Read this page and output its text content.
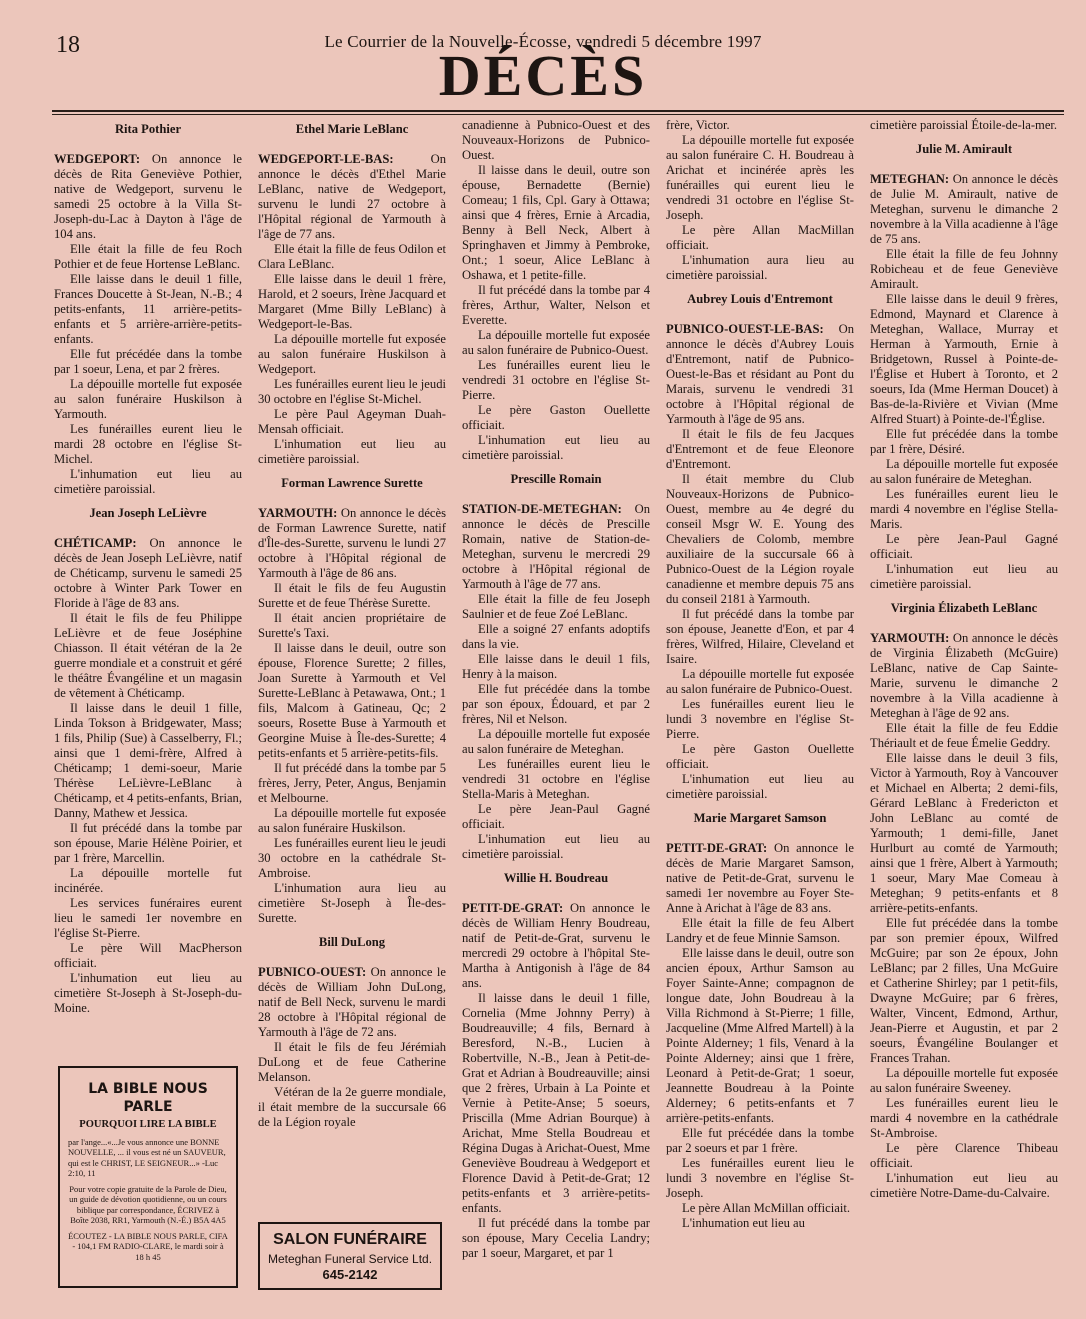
18	Le Courrier de la Nouvelle-Écosse, vendredi 5 décembre 1997
DÉCÈS
Rita Pothier

WEDGEPORT: On annonce le décès de Rita Geneviève Pothier, native de Wedgeport, survenu le samedi 25 octobre à la Villa St-Joseph-du-Lac à Dayton à l'âge de 104 ans.

Elle était la fille de feu Roch Pothier et de feue Hortense LeBlanc.

Elle laisse dans le deuil 1 fille, Frances Doucette à St-Jean, N.-B.; 4 petits-enfants, 11 arrière-petits-enfants et 5 arrière-arrière-petits-enfants.

Elle fut précédée dans la tombe par 1 soeur, Lena, et par 2 frères.

La dépouille mortelle fut exposée au salon funéraire Huskilson à Yarmouth.

Les funérailles eurent lieu le mardi 28 octobre en l'église St-Michel.

L'inhumation eut lieu au cimetière paroissial.

Jean Joseph LeLièvre

CHÉTICAMP: On annonce le décès de Jean Joseph LeLièvre, natif de Chéticamp, survenu le samedi 25 octobre à Winter Park Tower en Floride à l'âge de 83 ans.

Il était le fils de feu Philippe LeLièvre et de feue Joséphine Chiasson. Il était vétéran de la 2e guerre mondiale et a construit et géré le théâtre Évangéline et un magasin de vêtement à Chéticamp.

Il laisse dans le deuil 1 fille, Linda Tokson à Bridgewater, Mass; 1 fils, Philip (Sue) à Casselberry, Fl.; ainsi que 1 demi-frère, Alfred à Chéticamp; 1 demi-soeur, Marie Thérèse LeLièvre-LeBlanc à Chéticamp, et 4 petits-enfants, Brian, Danny, Mathew et Jessica.

Il fut précédé dans la tombe par son épouse, Marie Hélène Poirier, et par 1 frère, Marcellin.

La dépouille mortelle fut incinérée.

Les services funéraires eurent lieu le samedi 1er novembre en l'église St-Pierre.

Le père Will MacPherson officiait.

L'inhumation eut lieu au cimetière St-Joseph à St-Joseph-du-Moine.

Ethel Marie LeBlanc

WEDGEPORT-LE-BAS: On annonce le décès d'Ethel Marie LeBlanc, native de Wedgeport, survenu le lundi 27 octobre à l'Hôpital régional de Yarmouth à l'âge de 77 ans.

Elle était la fille de feus Odilon et Clara LeBlanc.

Elle laisse dans le deuil 1 frère, Harold, et 2 soeurs, Irène Jacquard et Margaret (Mme Billy LeBlanc) à Wedgeport-le-Bas.

La dépouille mortelle fut exposée au salon funéraire Huskilson à Wedgeport.

Les funérailles eurent lieu le jeudi 30 octobre en l'église St-Michel.

Le père Paul Ageyman Duah-Mensah officiait.

L'inhumation eut lieu au cimetière paroissial.

Forman Lawrence Surette

YARMOUTH: On annonce le décès de Forman Lawrence Surette, natif d'Île-des-Surette, survenu le lundi 27 octobre à l'Hôpital régional de Yarmouth à l'âge de 86 ans.

Il était le fils de feu Augustin Surette et de feue Thérèse Surette.

Il était ancien propriétaire de Surette's Taxi.

Il laisse dans le deuil, outre son épouse, Florence Surette; 2 filles, Joan Surette à Yarmouth et Vel Surette-LeBlanc à Petawawa, Ont.; 1 fils, Malcom à Gatineau, Qc; 2 soeurs, Rosette Buse à Yarmouth et Georgine Muise à Île-des-Surette; 4 petits-enfants et 5 arrière-petits-fils.

Il fut précédé dans la tombe par 5 frères, Jerry, Peter, Angus, Benjamin et Melbourne.

La dépouille mortelle fut exposée au salon funéraire Huskilson.

Les funérailles eurent lieu le jeudi 30 octobre en la cathédrale St-Ambroise.

L'inhumation aura lieu au cimetière St-Joseph à Île-des-Surette.

Bill DuLong

PUBNICO-OUEST: On annonce le décès de William John DuLong, natif de Bell Neck, survenu le mardi 28 octobre à l'Hôpital régional de Yarmouth à l'âge de 72 ans.

Il était le fils de feu Jérémiah DuLong et de feue Catherine Melanson.

Vétéran de la 2e guerre mondiale, il était membre de la succursale 66 de la Légion royale

canadienne à Pubnico-Ouest et des Nouveaux-Horizons de Pubnico-Ouest.

Il laisse dans le deuil, outre son épouse, Bernadette (Bernie) Comeau; 1 fils, Cpl. Gary à Ottawa; ainsi que 4 frères, Ernie à Arcadia, Benny à Bell Neck, Albert à Springhaven et Jimmy à Pembroke, Ont.; 1 soeur, Alice LeBlanc à Oshawa, et 1 petite-fille.

Il fut précédé dans la tombe par 4 frères, Arthur, Walter, Nelson et Everette.

La dépouille mortelle fut exposée au salon funéraire de Pubnico-Ouest.

Les funérailles eurent lieu le vendredi 31 octobre en l'église St-Pierre.

Le père Gaston Ouellette officiait.

L'inhumation eut lieu au cimetière paroissial.

Prescille Romain

STATION-DE-METEGHAN: On annonce le décès de Prescille Romain, native de Station-de-Meteghan, survenu le mercredi 29 octobre à l'Hôpital régional de Yarmouth à l'âge de 77 ans.

Elle était la fille de feu Joseph Saulnier et de feue Zoé LeBlanc.

Elle a soigné 27 enfants adoptifs dans la vie.

Elle laisse dans le deuil 1 fils, Henry à la maison.

Elle fut précédée dans la tombe par son époux, Édouard, et par 2 frères, Nil et Nelson.

La dépouille mortelle fut exposée au salon funéraire de Meteghan.

Les funérailles eurent lieu le vendredi 31 octobre en l'église Stella-Maris à Meteghan.

Le père Jean-Paul Gagné officiait.

L'inhumation eut lieu au cimetière paroissial.

Willie H. Boudreau

PETIT-DE-GRAT: On annonce le décès de William Henry Boudreau, natif de Petit-de-Grat, survenu le mercredi 29 octobre à l'hôpital Ste-Martha à Antigonish à l'âge de 84 ans.

Il laisse dans le deuil 1 fille, Cornelia (Mme Johnny Perry) à Boudreauville; 4 fils, Bernard à Beresford, N.-B., Lucien à Robertville, N.-B., Jean à Petit-de-Grat et Adrian à Boudreauville; ainsi que 2 frères, Urbain à La Pointe et Vernie à Petite-Anse; 5 soeurs, Priscilla (Mme Adrian Bourque) à Arichat, Mme Stella Boudreau et Régina Dugas à Arichat-Ouest, Mme Geneviève Boudreau à Wedgeport et Florence David à Petit-de-Grat; 12 petits-enfants et 3 arrière-petits-enfants.

Il fut précédé dans la tombe par son épouse, Mary Cecelia Landry; par 1 soeur, Margaret, et par 1

frère, Victor.

La dépouille mortelle fut exposée au salon funéraire C. H. Boudreau à Arichat et incinérée après les funérailles qui eurent lieu le vendredi 31 octobre en l'église St-Joseph.

Le père Allan MacMillan officiait.

L'inhumation aura lieu au cimetière paroissial.

Aubrey Louis d'Entremont

PUBNICO-OUEST-LE-BAS: On annonce le décès d'Aubrey Louis d'Entremont, natif de Pubnico-Ouest-le-Bas et résidant au Pont du Marais, survenu le vendredi 31 octobre à l'Hôpital régional de Yarmouth à l'âge de 95 ans.

Il était le fils de feu Jacques d'Entremont et de feue Eleonore d'Entremont.

Il était membre du Club Nouveaux-Horizons de Pubnico-Ouest, membre au 4e degré du conseil Msgr W. E. Young des Chevaliers de Colomb, membre auxiliaire de la succursale 66 à Pubnico-Ouest de la Légion royale canadienne et membre depuis 75 ans du conseil 2181 à Yarmouth.

Il fut précédé dans la tombe par son épouse, Jeanette d'Eon, et par 4 frères, Wilfred, Hilaire, Cleveland et Isaire.

La dépouille mortelle fut exposée au salon funéraire de Pubnico-Ouest.

Les funérailles eurent lieu le lundi 3 novembre en l'église St-Pierre.

Le père Gaston Ouellette officiait.

L'inhumation eut lieu au cimetière paroissial.

Marie Margaret Samson

PETIT-DE-GRAT: On annonce le décès de Marie Margaret Samson, native de Petit-de-Grat, survenu le samedi 1er novembre au Foyer Ste-Anne à Arichat à l'âge de 83 ans.

Elle était la fille de feu Albert Landry et de feue Minnie Samson.

Elle laisse dans le deuil, outre son ancien époux, Arthur Samson au Foyer Sainte-Anne; compagnon de longue date, John Boudreau à la Villa Richmond à St-Pierre; 1 fille, Jacqueline (Mme Alfred Martell) à la Pointe Alderney; 1 fils, Venard à la Pointe Alderney; ainsi que 1 frère, Leonard à Petit-de-Grat; 1 soeur, Jeannette Boudreau à la Pointe Alderney; 6 petits-enfants et 7 arrière-petits-enfants.

Elle fut précédée dans la tombe par 2 soeurs et par 1 frère.

Les funérailles eurent lieu le lundi 3 novembre en l'église St-Joseph.

Le père Allan McMillan officiait.

L'inhumation eut lieu au

cimetière paroissial Étoile-de-la-mer.

Julie M. Amirault

METEGHAN: On annonce le décès de Julie M. Amirault, native de Meteghan, survenu le dimanche 2 novembre à la Villa acadienne à l'âge de 75 ans.

Elle était la fille de feu Johnny Robicheau et de feue Geneviève Amirault.

Elle laisse dans le deuil 9 frères, Edmond, Maynard et Clarence à Meteghan, Wallace, Murray et Herman à Yarmouth, Ernie à Bridgetown, Russel à Pointe-de-l'Église et Hubert à Toronto, et 2 soeurs, Ida (Mme Herman Doucet) à Bas-de-la-Rivière et Vivian (Mme Alfred Stuart) à Pointe-de-l'Église.

Elle fut précédée dans la tombe par 1 frère, Désiré.

La dépouille mortelle fut exposée au salon funéraire de Meteghan.

Les funérailles eurent lieu le mardi 4 novembre en l'église Stella-Maris.

Le père Jean-Paul Gagné officiait.

L'inhumation eut lieu au cimetière paroissial.

Virginia Élizabeth LeBlanc

YARMOUTH: On annonce le décès de Virginia Élizabeth (McGuire) LeBlanc, native de Cap Sainte-Marie, survenu le dimanche 2 novembre à la Villa acadienne à Meteghan à l'âge de 92 ans.

Elle était la fille de feu Eddie Thériault et de feue Émelie Geddry.

Elle laisse dans le deuil 3 fils, Victor à Yarmouth, Roy à Vancouver et Michael en Alberta; 2 demi-fils, Gérard LeBlanc à Fredericton et John LeBlanc au comté de Yarmouth; 1 demi-fille, Janet Hurlburt au comté de Yarmouth; ainsi que 1 frère, Albert à Yarmouth; 1 soeur, Mary Mae Comeau à Meteghan; 9 petits-enfants et 8 arrière-petits-enfants.

Elle fut précédée dans la tombe par son premier époux, Wilfred McGuire; par son 2e époux, John LeBlanc; par 2 filles, Una McGuire et Catherine Shirley; par 1 petit-fils, Dwayne McGuire; par 6 frères, Walter, Vincent, Edmond, Arthur, Jean-Pierre et Augustin, et par 2 soeurs, Évangéline Boulanger et Frances Trahan.

La dépouille mortelle fut exposée au salon funéraire Sweeney.

Les funérailles eurent lieu le mardi 4 novembre en la cathédrale St-Ambroise.

Le père Clarence Thibeau officiait.

L'inhumation eut lieu au cimetière Notre-Dame-du-Calvaire.

LA BIBLE NOUS PARLE
POURQUOI LIRE LA BIBLE

par l'ange...«...Je vous annonce une BONNE NOUVELLE, ... il vous est né un SAUVEUR, qui est le CHRIST, LE SEIGNEUR...» -Luc 2:10, 11

Pour votre copie gratuite de la Parole de Dieu, un guide de dévotion quotidienne, ou un cours biblique par correspondance, ÉCRIVEZ à Boîte 2038, RR1, Yarmouth (N.-É.) B5A 4A5

ÉCOUTEZ - LA BIBLE NOUS PARLE, CIFA - 104,1 FM RADIO-CLARE, le mardi soir à 18 h 45

SALON FUNÉRAIRE
Meteghan Funeral Service Ltd.
645-2142
